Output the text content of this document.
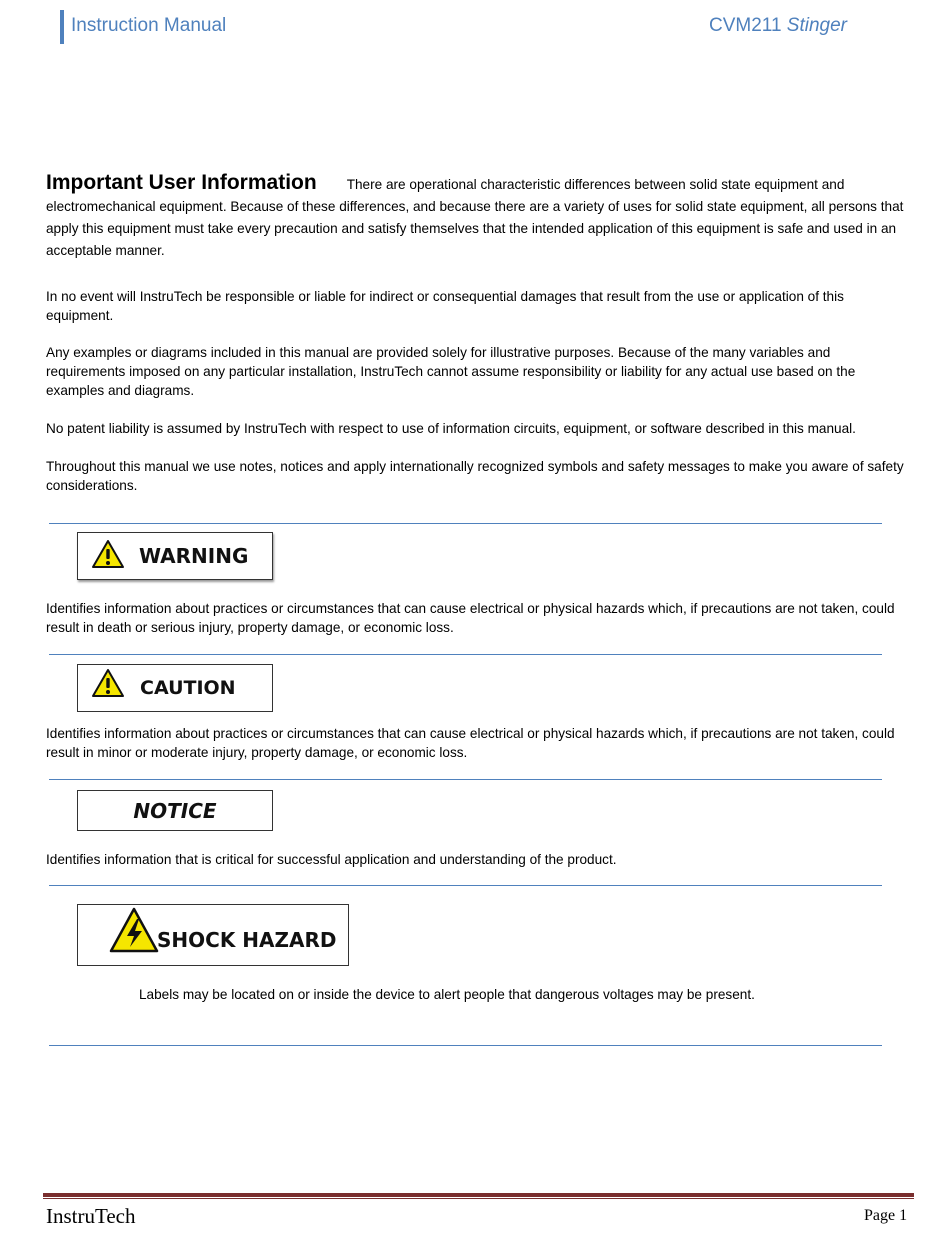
Instruction Manual	CVM211 Stinger
Important User Information There are operational characteristic differences between solid state equipment and electromechanical equipment. Because of these differences, and because there are a variety of uses for solid state equipment, all persons that apply this equipment must take every precaution and satisfy themselves that the intended application of this equipment is safe and used in an acceptable manner.
In no event will InstruTech be responsible or liable for indirect or consequential damages that result from the use or application of this equipment.
Any examples or diagrams included in this manual are provided solely for illustrative purposes. Because of the many variables and requirements imposed on any particular installation, InstruTech cannot assume responsibility or liability for any actual use based on the examples and diagrams.
No patent liability is assumed by InstruTech with respect to use of information circuits, equipment, or software described in this manual.
Throughout this manual we use notes, notices and apply internationally recognized symbols and safety messages to make you aware of safety considerations.
WARNING
Identifies information about practices or circumstances that can cause electrical or physical hazards which, if precautions are not taken, could result in death or serious injury, property damage, or economic loss.
CAUTION
Identifies information about practices or circumstances that can cause electrical or physical hazards which, if precautions are not taken, could result in minor or moderate injury, property damage, or economic loss.
NOTICE
Identifies information that is critical for successful application and understanding of the product.
SHOCK HAZARD
Labels may be located on or inside the device to alert people that dangerous voltages may be present.
InstruTech	Page 1
